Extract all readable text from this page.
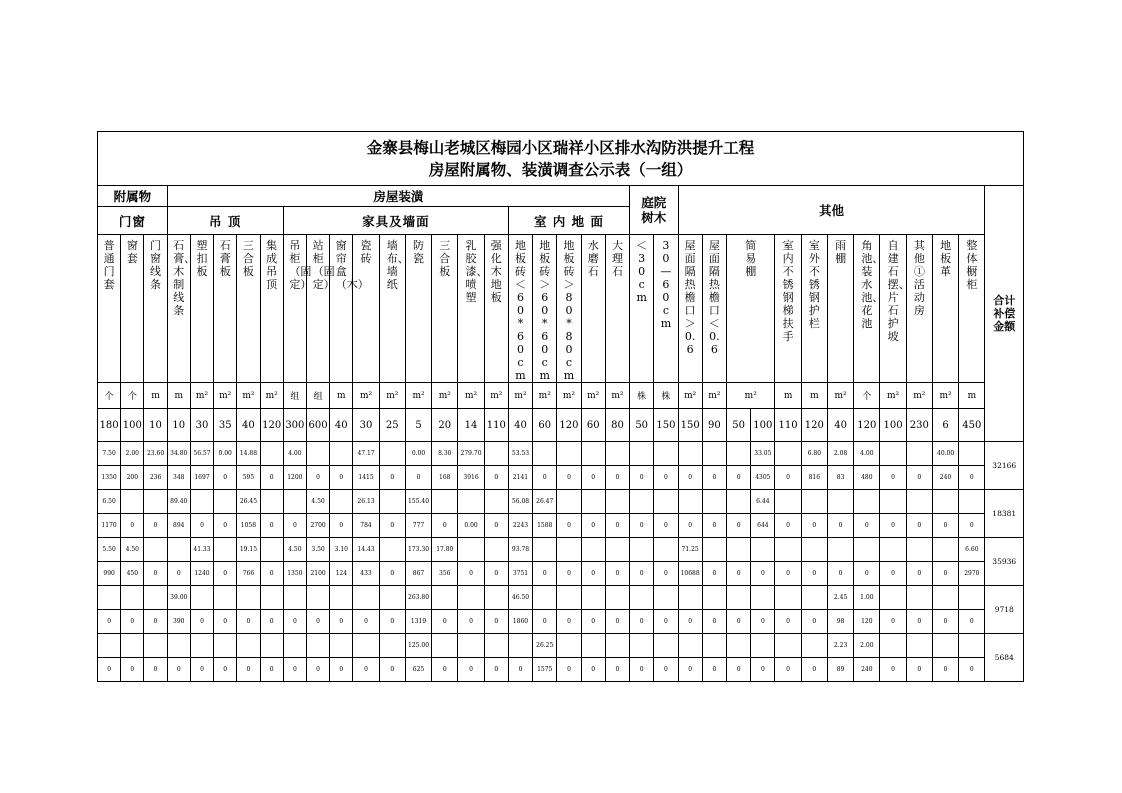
金寨县梅山老城区梅园小区瑞祥小区排水沟防洪提升工程
房屋附属物、装潢调查公示表（一组）																																				

附属物			房屋装潢																			庭院树木		其他												合计补偿金额

门窗			吊 顶					家具及墙面									室 内 地 面																			

普通门套	窗套	门窗线条	石膏、木制线条	塑扣板	石膏板	三合板	集成吊顶	吊柜（固定）	站柜（固定）	窗帘盒（木）	瓷砖	墙布、墙纸	防瓷	三合板	乳胶漆、喷塑	强化木地板	地板砖＜60*60cm	地板砖＞60*60cm	地板砖＞80*80cm	水磨石	大理石	＜30cm	30—60cm	屋面隔热檐口＞0.6	屋面隔热檐口＜0.6	简易棚		室内不锈钢梯扶手	室外不锈钢护栏	雨棚	角池、装水池、花池	自建石摆、片石护坡	其他①活动房	地板革	整体橱柜	

个	个	m	m	m²	m²	m²	m²	组	组	m	m²	m²	m²	m²	m²	m²	m²	m²	m²	m²	m²	株	株	m²	m²	m²		m	m	m²	个	m²	m²	m²	m	
180	100	10	10	30	35	40	120	300	600	40	30	25	5	20	14	110	40	60	120	60	80	50	150	150	90	50	100	110	120	40	120	100	230	6	450	
7.50	2.00	23.60	34.80	56.57	0.00	14.88		4.00			47.17		0.00	8.30	279.70		53.53										33.05		6.80	2.08	4.00			40.00		32166
1350	200	236	348	1697	0	595	0	1200	0	0	1415	0	0	168	3916	0	2141	0	0	0	0	0	0	0	0	0	4305	0	816	83	480	0	0	240	0	
6.50			89.40			26.45			4.50		26.13		155.40				56.08	26.47									6.44									18381
1170	0	0	894	0	0	1058	0	0	2700	0	784	0	777	0	0.00	0	2243	1588	0	0	0	0	0	0	0	0	644	0	0	0	0	0	0	0	0	
5.50	4.50			41.33		19.15		4.50	3.50	3.10	14.43		173.30	17.80			93.78							71.25											6.60	35936
990	450	0	0	1240	0	766	0	1350	2100	124	433	0	867	356	0	0	3751	0	0	0	0	0	0	10688	0	0	0	0	0	0	0	0	0	0	2970	
			39.00										263.80				46.50													2.45	1.00					9718
0	0	0	390	0	0	0	0	0	0	0	0	0	1319	0	0	0	1860	0	0	0	0	0	0	0	0	0	0	0	0	98	120	0	0	0	0	
													125.00					26.25												2.23	2.00					5684
0	0	0	0	0	0	0	0	0	0	0	0	0	625	0	0	0	0	1575	0	0	0	0	0	0	0	0	0	0	0	89	240	0	0	0	0	
